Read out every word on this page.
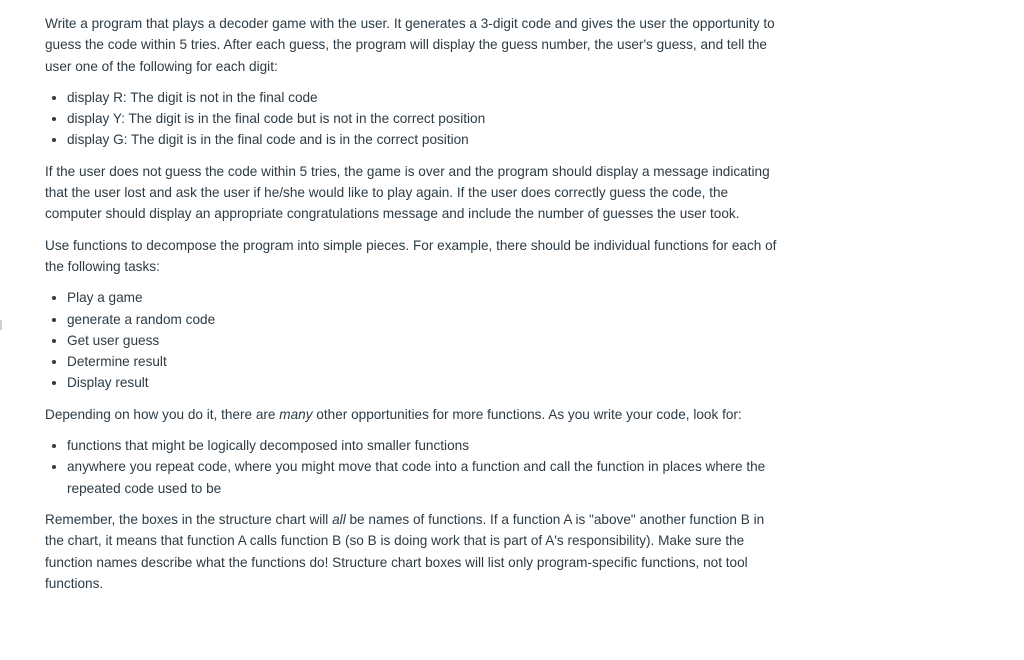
Write a program that plays a decoder game with the user. It generates a 3-digit code and gives the user the opportunity to guess the code within 5 tries. After each guess, the program will display the guess number, the user's guess, and tell the user one of the following for each digit:

• display R: The digit is not in the final code
• display Y: The digit is in the final code but is not in the correct position
• display G: The digit is in the final code and is in the correct position

If the user does not guess the code within 5 tries, the game is over and the program should display a message indicating that the user lost and ask the user if he/she would like to play again. If the user does correctly guess the code, the computer should display an appropriate congratulations message and include the number of guesses the user took.

Use functions to decompose the program into simple pieces. For example, there should be individual functions for each of the following tasks:

• Play a game
• generate a random code
• Get user guess
• Determine result
• Display result

Depending on how you do it, there are many other opportunities for more functions. As you write your code, look for:

• functions that might be logically decomposed into smaller functions
• anywhere you repeat code, where you might move that code into a function and call the function in places where the repeated code used to be

Remember, the boxes in the structure chart will all be names of functions. If a function A is "above" another function B in the chart, it means that function A calls function B (so B is doing work that is part of A's responsibility). Make sure the function names describe what the functions do! Structure chart boxes will list only program-specific functions, not tool functions.
